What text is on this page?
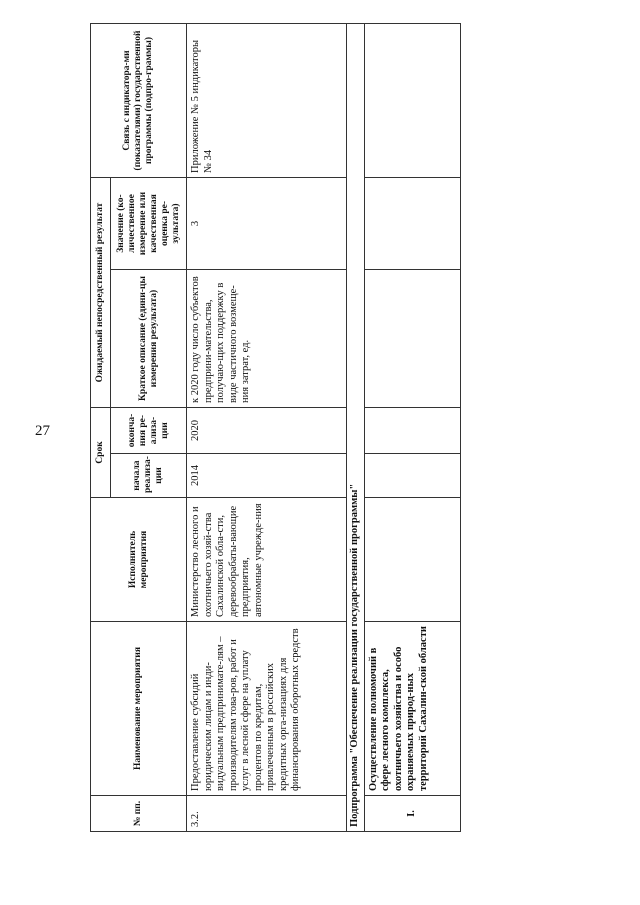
27
№ пп.	Наименование мероприятия	Исполнитель мероприятия	Срок		Ожидаемый непосредственный результат		Связь с индикатора-ми (показателями) государственной программы (подпро-граммы)
			начала реализа-ции	оконча-ния ре-ализа-ции	Краткое описание (едини-цы измерения результата)	Значение (ко-личественное измерение или качественная оценка ре-зультата)	
3.2.	Предоставление субсидий юридическим лицам и инди-видуальным предпринимате-лям – производителям това-ров, работ и услуг в лесной сфере на уплату процентов по кредитам, привлеченным в российских кредитных орга-низациях для финансирования оборотных средств	Министерство лесного и охотничьего хозяй-ства Сахалинской обла-сти, деревообрабаты-вающие предприятия, автономные учрежде-ния	2014	2020	к 2020 году число субъектов предприни-мательства, получаю-щих поддержку в виде частичного возмеще-ния затрат, ед.	3	Приложение № 5 индикаторы № 34
Подпрограмма "Обеспечение реализации государственной программы"							
I.	Осуществление полномочий в сфере лесного комплекса, охотничьего хозяйства и особо охраняемых природ-ных территорий Сахалин-ской области						
